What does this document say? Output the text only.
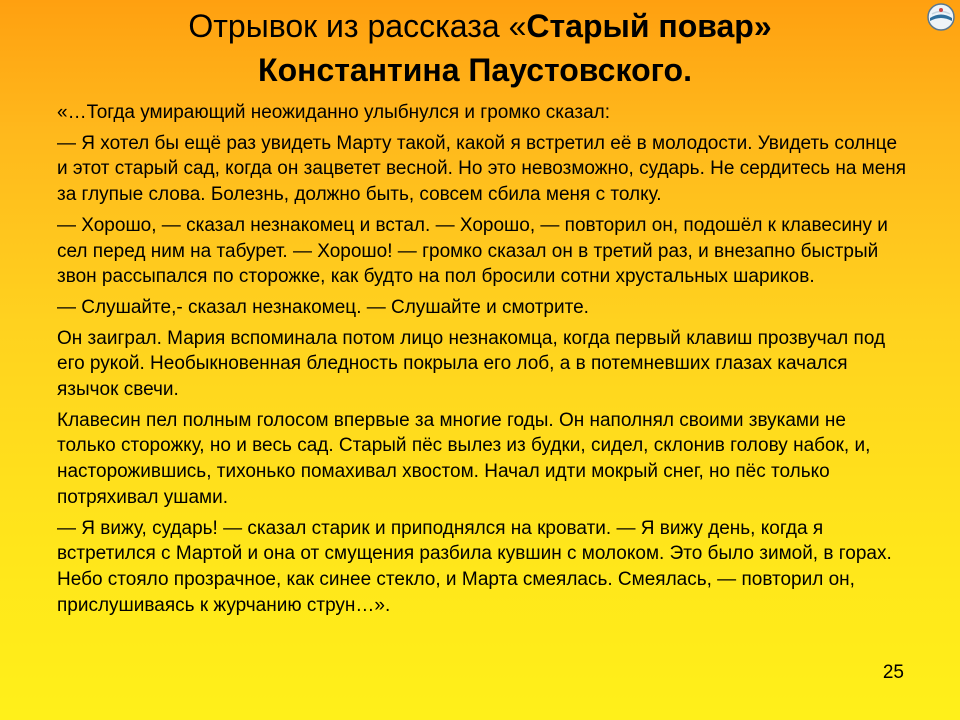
Отрывок из рассказа «Старый повар»
Константина Паустовского.

«…Тогда умирающий неожиданно улыбнулся и громко сказал:

— Я хотел бы ещё раз увидеть Марту такой, какой я встретил её в молодости. Увидеть солнце и этот старый сад, когда он зацветет весной. Но это невозможно, сударь. Не сердитесь на меня за глупые слова. Болезнь, должно быть, совсем сбила меня с толку.

— Хорошо, — сказал незнакомец и встал. — Хорошо, — повторил он, подошёл к клавесину и сел перед ним на табурет. — Хорошо! — громко сказал он в третий раз, и внезапно быстрый звон рассыпался по сторожке, как будто на пол бросили сотни хрустальных шариков.

— Слушайте,- сказал незнакомец. — Слушайте и смотрите.

Он заиграл. Мария вспоминала потом лицо незнакомца, когда первый клавиш прозвучал под его рукой. Необыкновенная бледность покрыла его лоб, а в потемневших глазах качался язычок свечи.

Клавесин пел полным голосом впервые за многие годы. Он наполнял своими звуками не только сторожку, но и весь сад. Старый пёс вылез из будки, сидел, склонив голову набок, и, насторожившись, тихонько помахивал хвостом. Начал идти мокрый снег, но пёс только потряхивал ушами.

— Я вижу, сударь! — сказал старик и приподнялся на кровати. — Я вижу день, когда я встретился с Мартой и она от смущения разбила кувшин с молоком. Это было зимой, в горах. Небо стояло прозрачное, как синее стекло, и Марта смеялась. Смеялась, — повторил он, прислушиваясь к журчанию струн…».

25
